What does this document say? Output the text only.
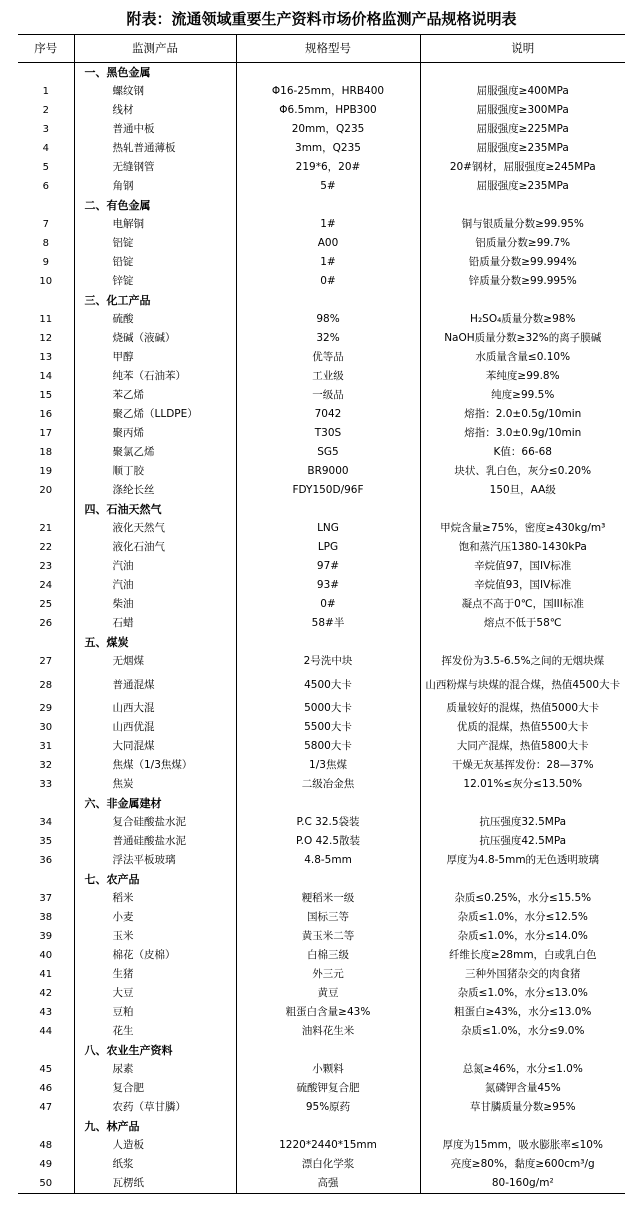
附表：流通领域重要生产资料市场价格监测产品规格说明表
序号	监测产品	规格型号	说明
	一、黑色金属		
1	螺纹钢	Φ16-25mm，HRB400	屈服强度≥400MPa
2	线材	Φ6.5mm，HPB300	屈服强度≥300MPa
3	普通中板	20mm，Q235	屈服强度≥225MPa
4	热轧普通薄板	3mm，Q235	屈服强度≥235MPa
5	无缝钢管	219*6，20#	20#钢材，屈服强度≥245MPa
6	角钢	5#	屈服强度≥235MPa
	二、有色金属		
7	电解铜	1#	铜与银质量分数≥99.95%
8	铝锭	A00	铝质量分数≥99.7%
9	铅锭	1#	铅质量分数≥99.994%
10	锌锭	0#	锌质量分数≥99.995%
	三、化工产品		
11	硫酸	98%	H₂SO₄质量分数≥98%
12	烧碱（液碱）	32%	NaOH质量分数≥32%的离子膜碱
13	甲醇	优等品	水质量含量≤0.10%
14	纯苯（石油苯）	工业级	苯纯度≥99.8%
15	苯乙烯	一级品	纯度≥99.5%
16	聚乙烯（LLDPE）	7042	熔指：2.0±0.5g/10min
17	聚丙烯	T30S	熔指：3.0±0.9g/10min
18	聚氯乙烯	SG5	K值：66-68
19	顺丁胶	BR9000	块状、乳白色，灰分≤0.20%
20	涤纶长丝	FDY150D/96F	150旦，AA级
	四、石油天然气		
21	液化天然气	LNG	甲烷含量≥75%，密度≥430kg/m³
22	液化石油气	LPG	饱和蒸汽压1380-1430kPa
23	汽油	97#	辛烷值97，国IV标准
24	汽油	93#	辛烷值93，国IV标准
25	柴油	0#	凝点不高于0℃，国III标准
26	石蜡	58#半	熔点不低于58℃
	五、煤炭		
27	无烟煤	2号洗中块	挥发份为3.5-6.5%之间的无烟块煤
28	普通混煤	4500大卡	山西粉煤与块煤的混合煤，热值4500大卡
29	山西大混	5000大卡	质量较好的混煤，热值5000大卡
30	山西优混	5500大卡	优质的混煤，热值5500大卡
31	大同混煤	5800大卡	大同产混煤，热值5800大卡
32	焦煤（1/3焦煤）	1/3焦煤	干燥无灰基挥发份：28—37%
33	焦炭	二级冶金焦	12.01%≤灰分≤13.50%
	六、非金属建材		
34	复合硅酸盐水泥	P.C 32.5袋装	抗压强度32.5MPa
35	普通硅酸盐水泥	P.O 42.5散装	抗压强度42.5MPa
36	浮法平板玻璃	4.8-5mm	厚度为4.8-5mm的无色透明玻璃
	七、农产品		
37	稻米	粳稻米一级	杂质≤0.25%，水分≤15.5%
38	小麦	国标三等	杂质≤1.0%，水分≤12.5%
39	玉米	黄玉米二等	杂质≤1.0%，水分≤14.0%
40	棉花（皮棉）	白棉三级	纤维长度≥28mm，白或乳白色
41	生猪	外三元	三种外国猪杂交的肉食猪
42	大豆	黄豆	杂质≤1.0%，水分≤13.0%
43	豆粕	粗蛋白含量≥43%	粗蛋白≥43%，水分≤13.0%
44	花生	油料花生米	杂质≤1.0%，水分≤9.0%
	八、农业生产资料		
45	尿素	小颗料	总氮≥46%，水分≤1.0%
46	复合肥	硫酸钾复合肥	氮磷钾含量45%
47	农药（草甘膦）	95%原药	草甘膦质量分数≥95%
	九、林产品		
48	人造板	1220*2440*15mm	厚度为15mm，吸水膨胀率≤10%
49	纸浆	漂白化学浆	亮度≥80%，黏度≥600cm³/g
50	瓦楞纸	高强	80-160g/m²
